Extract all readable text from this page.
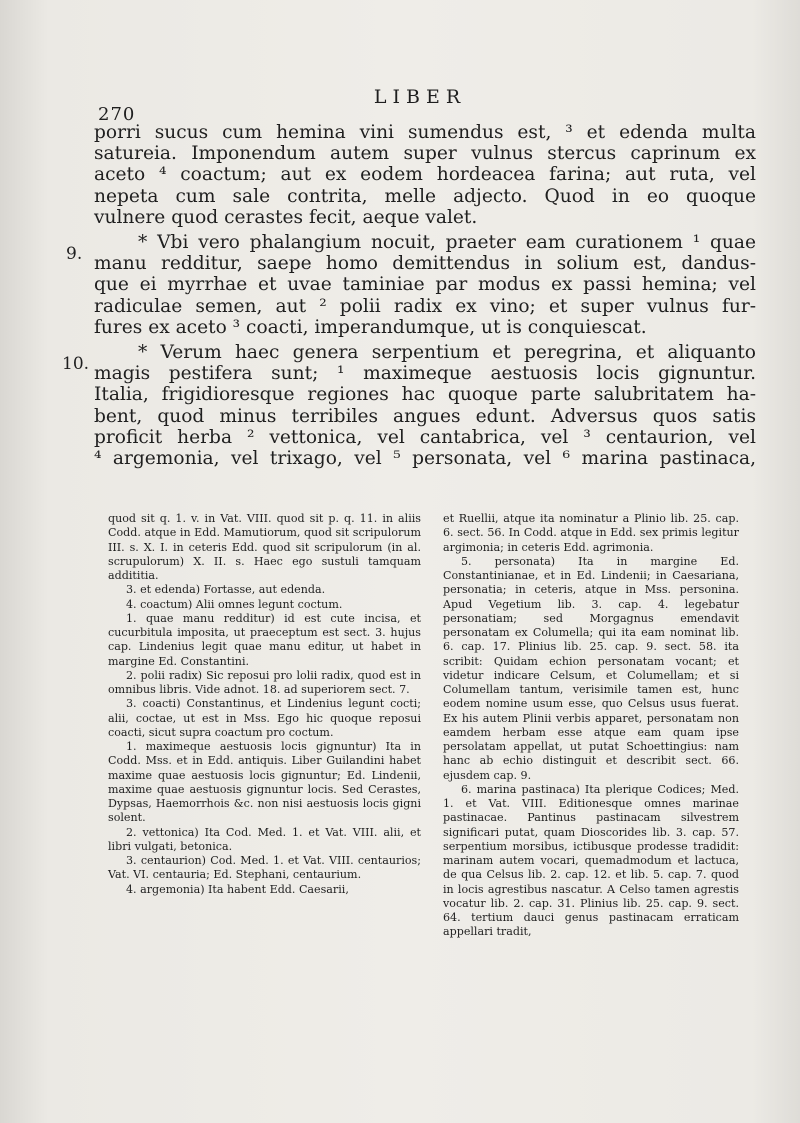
270
LIBER
9.
10.

porri sucus cum hemina vini sumendus est, ³ et edenda multa

satureia. Imponendum autem super vulnus stercus caprinum ex

aceto ⁴ coactum; aut ex eodem hordeacea farina; aut ruta, vel

nepeta cum sale contrita, melle adjecto. Quod in eo quoque

vulnere quod cerastes fecit, aeque valet.

* Vbi vero phalangium nocuit, praeter eam curationem ¹ quae

manu redditur, saepe homo demittendus in solium est, dandus-

que ei myrrhae et uvae taminiae par modus ex passi hemina; vel

radiculae semen, aut ² polii radix ex vino; et super vulnus fur-

fures ex aceto ³ coacti, imperandumque, ut is conquiescat.

* Verum haec genera serpentium et peregrina, et aliquanto

magis pestifera sunt; ¹ maximeque aestuosis locis gignuntur.

Italia, frigidioresque regiones hac quoque parte salubritatem ha-

bent, quod minus terribiles angues edunt. Adversus quos satis

proficit herba ² vettonica, vel cantabrica, vel ³ centaurion, vel

⁴ argemonia, vel trixago, vel ⁵ personata, vel ⁶ marina pastinaca,

quod sit q. 1. v. in Vat. VIII. quod sit p. q. 11. in aliis Codd. atque in Edd. Mamutiorum, quod sit scripulorum III. s. X. I. in ceteris Edd. quod sit scripulorum (in al. scrupulorum) X. II. s. Haec ego sustuli tamquam addititia.

3. et edenda) Fortasse, aut edenda.

4. coactum) Alii omnes legunt coctum.

1. quae manu redditur) id est cute incisa, et cucurbitula imposita, ut praeceptum est sect. 3. hujus cap. Lindenius legit quae manu editur, ut habet in margine Ed. Constantini.

2. polii radix) Sic reposui pro lolii radix, quod est in omnibus libris. Vide adnot. 18. ad superiorem sect. 7.

3. coacti) Constantinus, et Lindenius legunt cocti; alii, coctae, ut est in Mss. Ego hic quoque reposui coacti, sicut supra coactum pro coctum.

1. maximeque aestuosis locis gignuntur) Ita in Codd. Mss. et in Edd. antiquis. Liber Guilandini habet maxime quae aestuosis locis gignuntur; Ed. Lindenii, maxime quae aestuosis gignuntur locis. Sed Cerastes, Dypsas, Haemorrhois &c. non nisi aestuosis locis gigni solent.

2. vettonica) Ita Cod. Med. 1. et Vat. VIII. alii, et libri vulgati, betonica.

3. centaurion) Cod. Med. 1. et Vat. VIII. centaurios; Vat. VI. centauria; Ed. Stephani, centaurium.

4. argemonia) Ita habent Edd. Caesarii,

et Ruellii, atque ita nominatur a Plinio lib. 25. cap. 6. sect. 56. In Codd. atque in Edd. sex primis legitur argimonia; in ceteris Edd. agrimonia.

5. personata) Ita in margine Ed. Constantinianae, et in Ed. Lindenii; in Caesariana, personatia; in ceteris, atque in Mss. personina. Apud Vegetium lib. 3. cap. 4. legebatur personatiam; sed Morgagnus emendavit personatam ex Columella; qui ita eam nominat lib. 6. cap. 17. Plinius lib. 25. cap. 9. sect. 58. ita scribit: Quidam echion personatam vocant; et videtur indicare Celsum, et Columellam; et si Columellam tantum, verisimile tamen est, hunc eodem nomine usum esse, quo Celsus usus fuerat. Ex his autem Plinii verbis apparet, personatam non eamdem herbam esse atque eam quam ipse persolatam appellat, ut putat Schoettingius: nam hanc ab echio distinguit et describit sect. 66. ejusdem cap. 9.

6. marina pastinaca) Ita plerique Codices; Med. 1. et Vat. VIII. Editionesque omnes marinae pastinacae. Pantinus pastinacam silvestrem significari putat, quam Dioscorides lib. 3. cap. 57. serpentium morsibus, ictibusque prodesse tradidit: marinam autem vocari, quemadmodum et lactuca, de qua Celsus lib. 2. cap. 12. et lib. 5. cap. 7. quod in locis agrestibus nascatur. A Celso tamen agrestis vocatur lib. 2. cap. 31. Plinius lib. 25. cap. 9. sect. 64. tertium dauci genus pastinacam erraticam appellari tradit,
